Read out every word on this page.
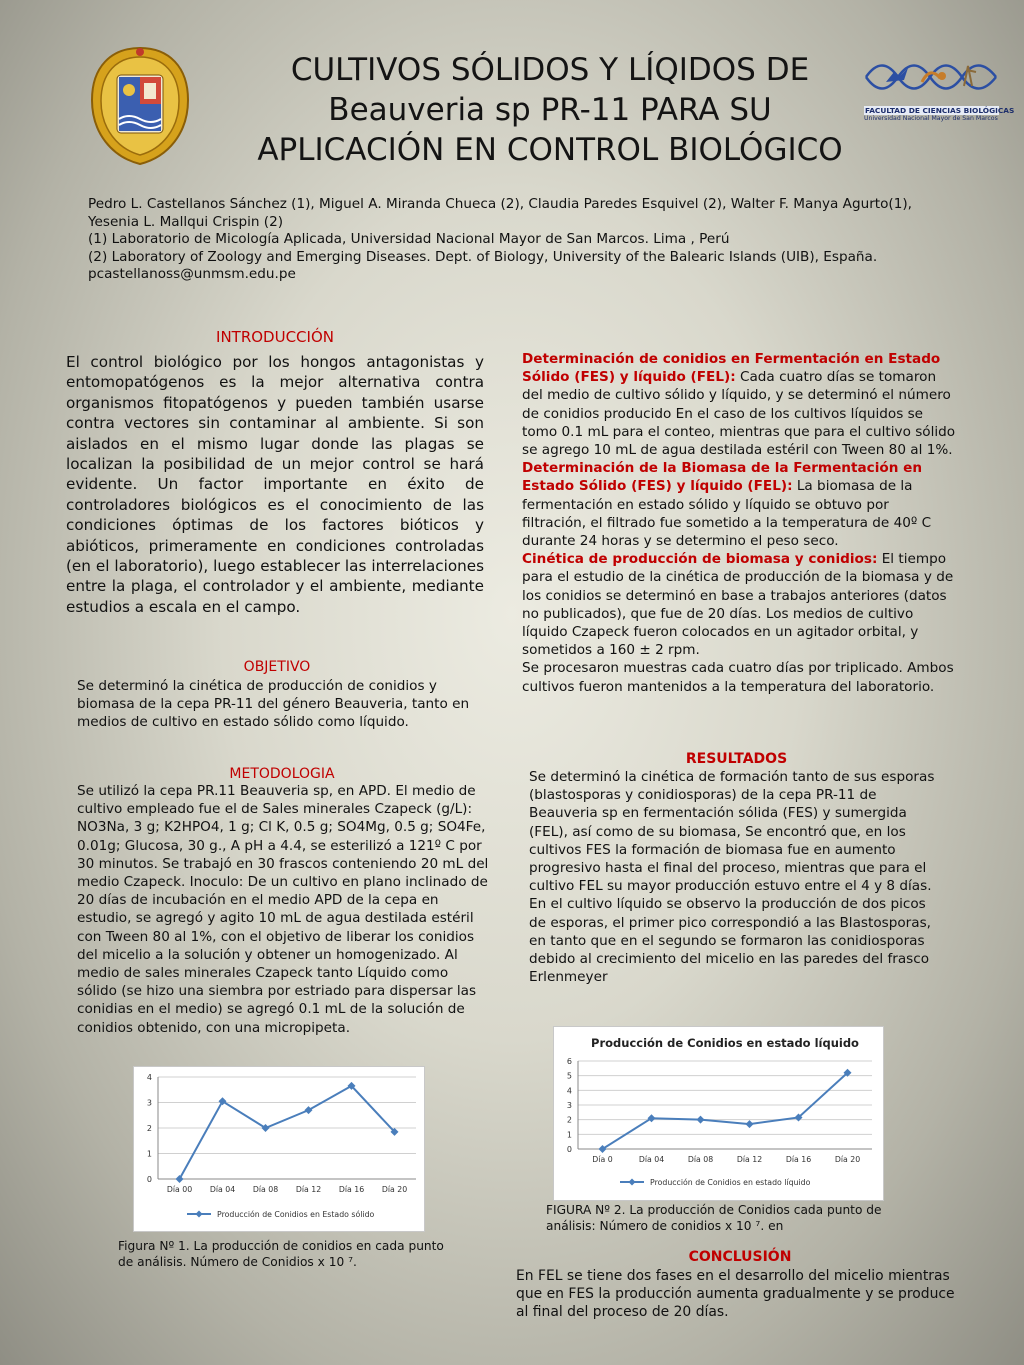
FACULTAD DE CIENCIAS BIOLÓGICAS
Universidad Nacional Mayor de San Marcos
CULTIVOS SÓLIDOS Y LÍQIDOS DE
Beauveria sp PR-11 PARA SU
APLICACIÓN EN CONTROL BIOLÓGICO
Pedro L. Castellanos Sánchez (1), Miguel A. Miranda Chueca (2), Claudia Paredes Esquivel (2), Walter F. Manya Agurto(1), Yesenia L. Mallqui Crispin (2)
(1) Laboratorio de Micología Aplicada, Universidad Nacional Mayor de San Marcos. Lima , Perú
(2) Laboratory of Zoology and Emerging Diseases. Dept. of Biology, University of the Balearic Islands (UIB), España.
pcastellanoss@unmsm.edu.pe
INTRODUCCIÓN
El control biológico por los hongos antagonistas y entomopatógenos es la mejor alternativa contra organismos fitopatógenos y pueden también usarse contra vectores sin contaminar al ambiente. Si son aislados en el mismo lugar donde las plagas se localizan la posibilidad de un mejor control se hará evidente. Un factor importante en éxito de controladores biológicos es el conocimiento de las condiciones óptimas de los factores bióticos y abióticos, primeramente en condiciones controladas (en el laboratorio), luego establecer las interrelaciones entre la plaga, el controlador y el ambiente, mediante estudios a escala en el campo.
OBJETIVO
Se determinó la cinética de producción de conidios y biomasa de la cepa PR-11 del género Beauveria, tanto en medios de cultivo en estado sólido como líquido.
METODOLOGIA
Se utilizó la cepa PR.11 Beauveria sp, en APD. El medio de cultivo empleado fue el de Sales minerales Czapeck (g/L): NO3Na, 3 g; K2HPO4, 1 g; Cl K, 0.5 g; SO4Mg, 0.5 g; SO4Fe, 0.01g; Glucosa, 30 g., A pH a 4.4, se esterilizó a 121º C por 30 minutos. Se trabajó en 30 frascos conteniendo 20 mL del medio Czapeck. Inoculo: De un cultivo en plano inclinado de 20 días de incubación en el medio APD de la cepa en estudio, se agregó y agito 10 mL de agua destilada estéril con Tween 80 al 1%, con el objetivo de liberar los conidios del micelio a la solución y obtener un homogenizado. Al medio de sales minerales Czapeck tanto Líquido como sólido (se hizo una siembra por estriado para dispersar las conidias en el medio) se agregó 0.1 mL de la solución de conidios obtenido, con una micropipeta.
Determinación de conidios en Fermentación en Estado Sólido (FES) y líquido (FEL): Cada cuatro días se tomaron del medio de cultivo sólido y líquido, y se determinó el número de conidios producido En el caso de los cultivos líquidos se tomo 0.1 mL para el conteo, mientras que para el cultivo sólido se agrego 10 mL de agua destilada estéril con Tween 80 al 1%.
Determinación de la Biomasa de la Fermentación en Estado Sólido (FES) y líquido (FEL): La biomasa de la fermentación en estado sólido y líquido se obtuvo por filtración, el filtrado fue sometido a la temperatura de 40º C durante 24 horas y se determino el peso seco.
Cinética de producción de biomasa y conidios: El tiempo para el estudio de la cinética de producción de la biomasa y de los conidios se determinó en base a trabajos anteriores (datos no publicados), que fue de 20 días. Los medios de cultivo líquido Czapeck fueron colocados en un agitador orbital, y sometidos a 160 ± 2 rpm.
Se procesaron muestras cada cuatro días por triplicado. Ambos cultivos fueron mantenidos a la temperatura del laboratorio.
RESULTADOS
Se determinó la cinética de formación tanto de sus esporas (blastosporas y conidiosporas) de la cepa PR-11 de Beauveria sp en fermentación sólida (FES) y sumergida (FEL), así como de su biomasa, Se encontró que, en los cultivos FES la formación de biomasa fue en aumento progresivo hasta el final del proceso, mientras que para el cultivo FEL su mayor producción estuvo entre el 4 y 8 días. En el cultivo líquido se observo la producción de dos picos de esporas, el primer pico correspondió a las Blastosporas, en tanto que en el segundo se formaron las conidiosporas debido al crecimiento del micelio en las paredes del frasco Erlenmeyer
0
1
2
3
4
Día 00 Día 04 Día 08 Día 12 Día 16 Día 20
Producción de Conidios en Estado sólido
Figura Nº 1. La producción de conidios en cada punto de análisis. Número de Conidios x 10 ⁷.
Producción de Conidios en estado líquido
0
1
2
3
4
5
6
Día 0	Día 04	Día 08	Día 12	Día 16	Día 20
Producción de Conidios en estado líquido
FIGURA Nº 2. La producción de Conidios cada punto de análisis: Número de conidios x 10 ⁷. en
CONCLUSIÓN
En FEL se tiene dos fases en el desarrollo del micelio mientras que en FES la producción aumenta gradualmente y se produce al final del proceso de 20 días.
